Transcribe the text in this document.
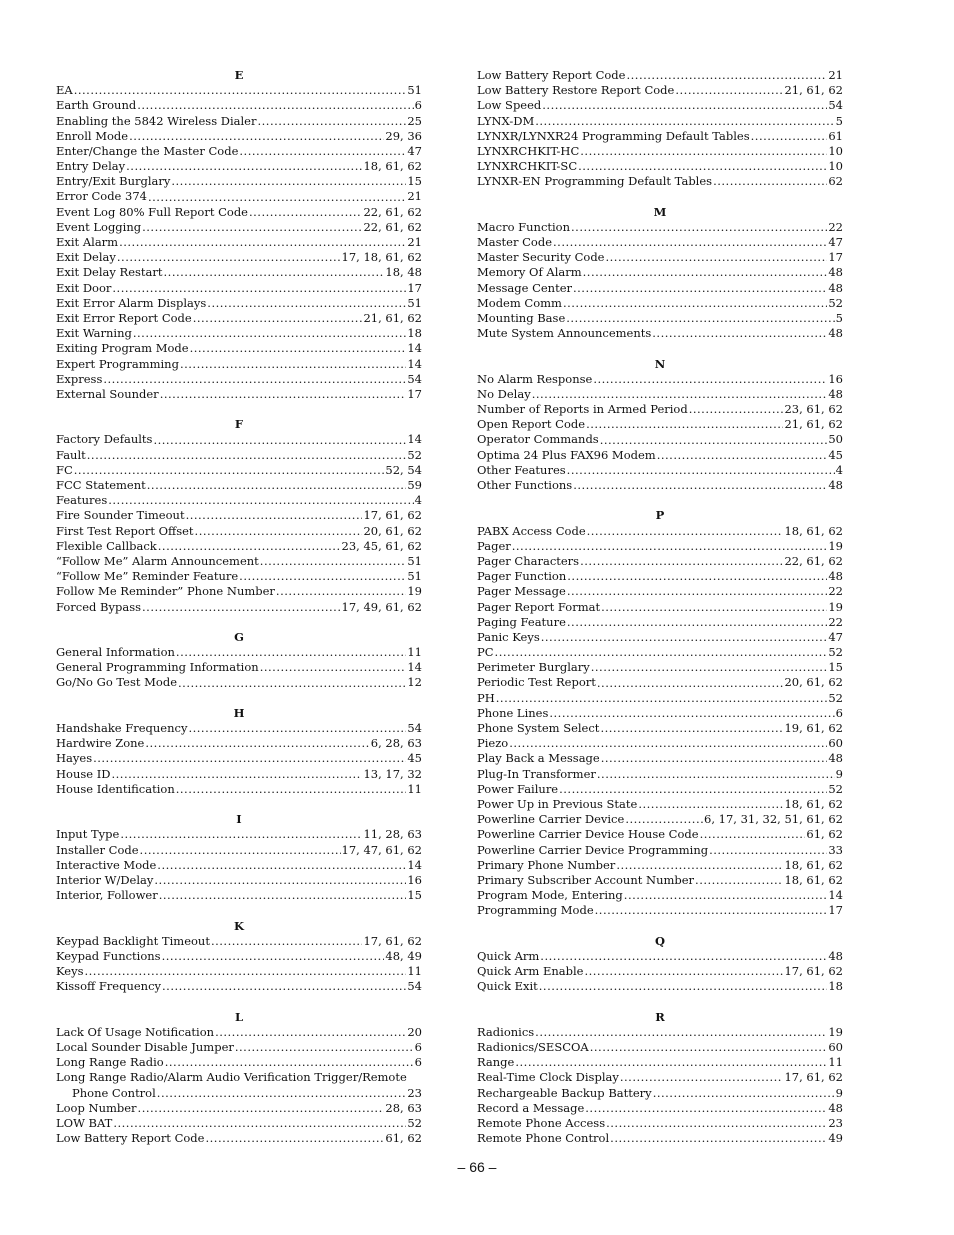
E
EA .....	51
Earth Ground .....	6
Enabling the 5842 Wireless Dialer .....	25
Enroll Mode .....	29, 36
Enter/Change the Master Code .....	47
Entry Delay .....	18, 61, 62
Entry/Exit Burglary .....	15
Error Code 374 .....	21
Event Log 80% Full Report Code .....	22, 61, 62
Event Logging .....	22, 61, 62
Exit Alarm .....	21
Exit Delay .....	17, 18, 61, 62
Exit Delay Restart .....	18, 48
Exit Door .....	17
Exit Error Alarm Displays .....	51
Exit Error Report Code .....	21, 61, 62
Exit Warning .....	18
Exiting Program Mode .....	14
Expert Programming .....	14
Express .....	54
External Sounder .....	17
F
Factory Defaults .....	14
Fault .....	52
FC .....	52, 54
FCC Statement .....	59
Features .....	4
Fire Sounder Timeout .....	17, 61, 62
First Test Report Offset .....	20, 61, 62
Flexible Callback .....	23, 45, 61, 62
“Follow Me” Alarm Announcement .....	51
“Follow Me” Reminder Feature .....	51
Follow Me Reminder” Phone Number .....	19
Forced Bypass .....	17, 49, 61, 62
G
General Information .....	11
General Programming Information .....	14
Go/No Go Test Mode .....	12
H
Handshake Frequency .....	54
Hardwire Zone .....	6, 28, 63
Hayes .....	45
House ID .....	13, 17, 32
House Identification .....	11
I
Input Type .....	11, 28, 63
Installer Code .....	17, 47, 61, 62
Interactive Mode .....	14
Interior W/Delay .....	16
Interior, Follower .....	15
K
Keypad Backlight Timeout .....	17, 61, 62
Keypad Functions .....	48, 49
Keys .....	11
Kissoff Frequency .....	54
L
Lack Of Usage Notification .....	20
Local Sounder Disable Jumper .....	6
Long Range Radio .....	6
Long Range Radio/Alarm Audio Verification Trigger/Remote
Phone Control .....	23
Loop Number .....	28, 63
LOW BAT .....	52
Low Battery Report Code .....	61, 62
Low Battery Report Code .....	21
Low Battery Restore Report Code .....	21, 61, 62
Low Speed .....	54
LYNX-DM .....	5
LYNXR/LYNXR24 Programming Default Tables .....	61
LYNXRCHKIT-HC .....	10
LYNXRCHKIT-SC .....	10
LYNXR-EN Programming Default Tables .....	62
M
Macro Function .....	22
Master Code .....	47
Master Security Code .....	17
Memory Of Alarm .....	48
Message Center .....	48
Modem Comm .....	52
Mounting Base .....	5
Mute System Announcements .....	48
N
No Alarm Response .....	16
No Delay .....	48
Number of Reports in Armed Period .....	23, 61, 62
Open Report Code .....	21, 61, 62
Operator Commands .....	50
Optima 24 Plus FAX96 Modem .....	45
Other Features .....	4
Other Functions .....	48
P
PABX Access Code .....	18, 61, 62
Pager .....	19
Pager Characters .....	22, 61, 62
Pager Function .....	48
Pager Message .....	22
Pager Report Format .....	19
Paging Feature .....	22
Panic Keys .....	47
PC .....	52
Perimeter Burglary .....	15
Periodic Test Report .....	20, 61, 62
PH .....	52
Phone Lines .....	6
Phone System Select .....	19, 61, 62
Piezo .....	60
Play Back a Message .....	48
Plug-In Transformer .....	9
Power Failure .....	52
Power Up in Previous State .....	18, 61, 62
Powerline Carrier Device .....	6, 17, 31, 32, 51, 61, 62
Powerline Carrier Device House Code .....	61, 62
Powerline Carrier Device Programming .....	33
Primary Phone Number .....	18, 61, 62
Primary Subscriber Account Number .....	18, 61, 62
Program Mode, Entering .....	14
Programming Mode .....	17
Q
Quick Arm .....	48
Quick Arm Enable .....	17, 61, 62
Quick Exit .....	18
R
Radionics .....	19
Radionics/SESCOA .....	60
Range .....	11
Real-Time Clock Display .....	17, 61, 62
Rechargeable Backup Battery .....	9
Record a Message .....	48
Remote Phone Access .....	23
Remote Phone Control .....	49
– 66 –
